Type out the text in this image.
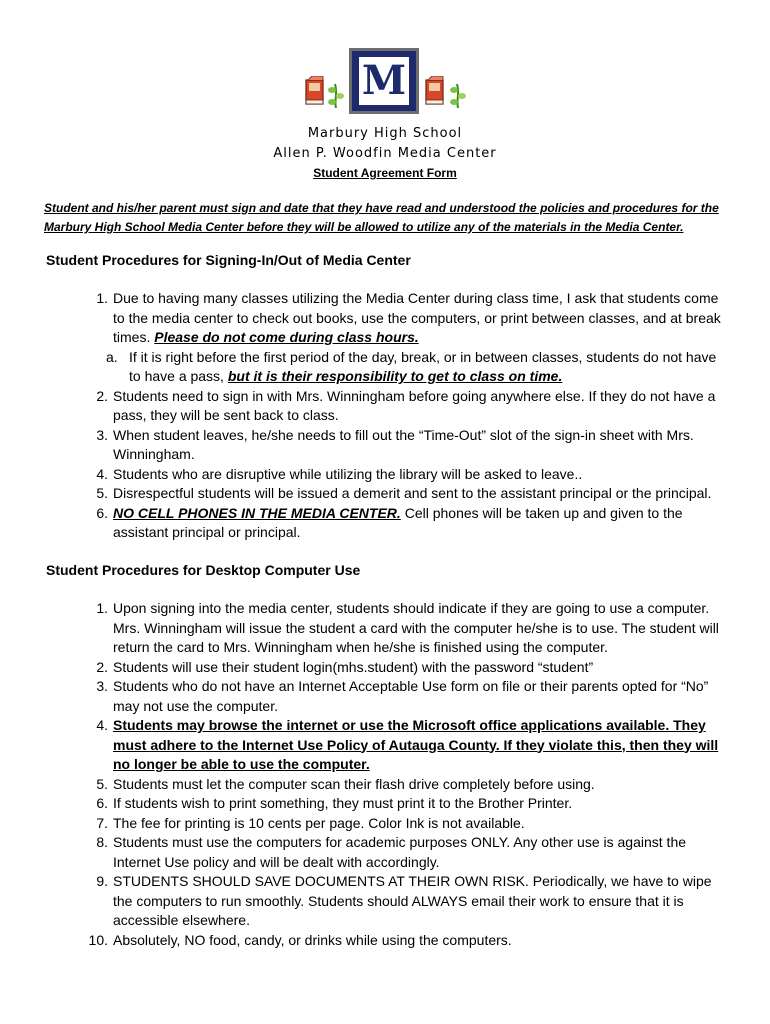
M
Marbury High School
Allen P. Woodfin Media Center
Student Agreement Form
Student and his/her parent must sign and date that they have read and understood the policies and procedures for the Marbury High School Media Center before they will be allowed to utilize any of the materials in the Media Center.
Student Procedures for Signing-In/Out of Media Center
1. Due to having many classes utilizing the Media Center during class time, I ask that students come to the media center to check out books, use the computers, or print between classes, and at break times. Please do not come during class hours.
a. If it is right before the first period of the day, break, or in between classes, students do not have to have a pass, but it is their responsibility to get to class on time.
2. Students need to sign in with Mrs. Winningham before going anywhere else. If they do not have a pass, they will be sent back to class.
3. When student leaves, he/she needs to fill out the “Time-Out” slot of the sign-in sheet with Mrs. Winningham.
4. Students who are disruptive while utilizing the library will be asked to leave..
5. Disrespectful students will be issued a demerit and sent to the assistant principal or the principal.
6. NO CELL PHONES IN THE MEDIA CENTER. Cell phones will be taken up and given to the assistant principal or principal.
Student Procedures for Desktop Computer Use
1. Upon signing into the media center, students should indicate if they are going to use a computer. Mrs. Winningham will issue the student a card with the computer he/she is to use. The student will return the card to Mrs. Winningham when he/she is finished using the computer.
2. Students will use their student login(mhs.student) with the password “student”
3. Students who do not have an Internet Acceptable Use form on file or their parents opted for “No” may not use the computer.
4. Students may browse the internet or use the Microsoft office applications available. They must adhere to the Internet Use Policy of Autauga County. If they violate this, then they will no longer be able to use the computer.
5. Students must let the computer scan their flash drive completely before using.
6. If students wish to print something, they must print it to the Brother Printer.
7. The fee for printing is 10 cents per page. Color Ink is not available.
8. Students must use the computers for academic purposes ONLY. Any other use is against the Internet Use policy and will be dealt with accordingly.
9. STUDENTS SHOULD SAVE DOCUMENTS AT THEIR OWN RISK. Periodically, we have to wipe the computers to run smoothly. Students should ALWAYS email their work to ensure that it is accessible elsewhere.
10. Absolutely, NO food, candy, or drinks while using the computers.
